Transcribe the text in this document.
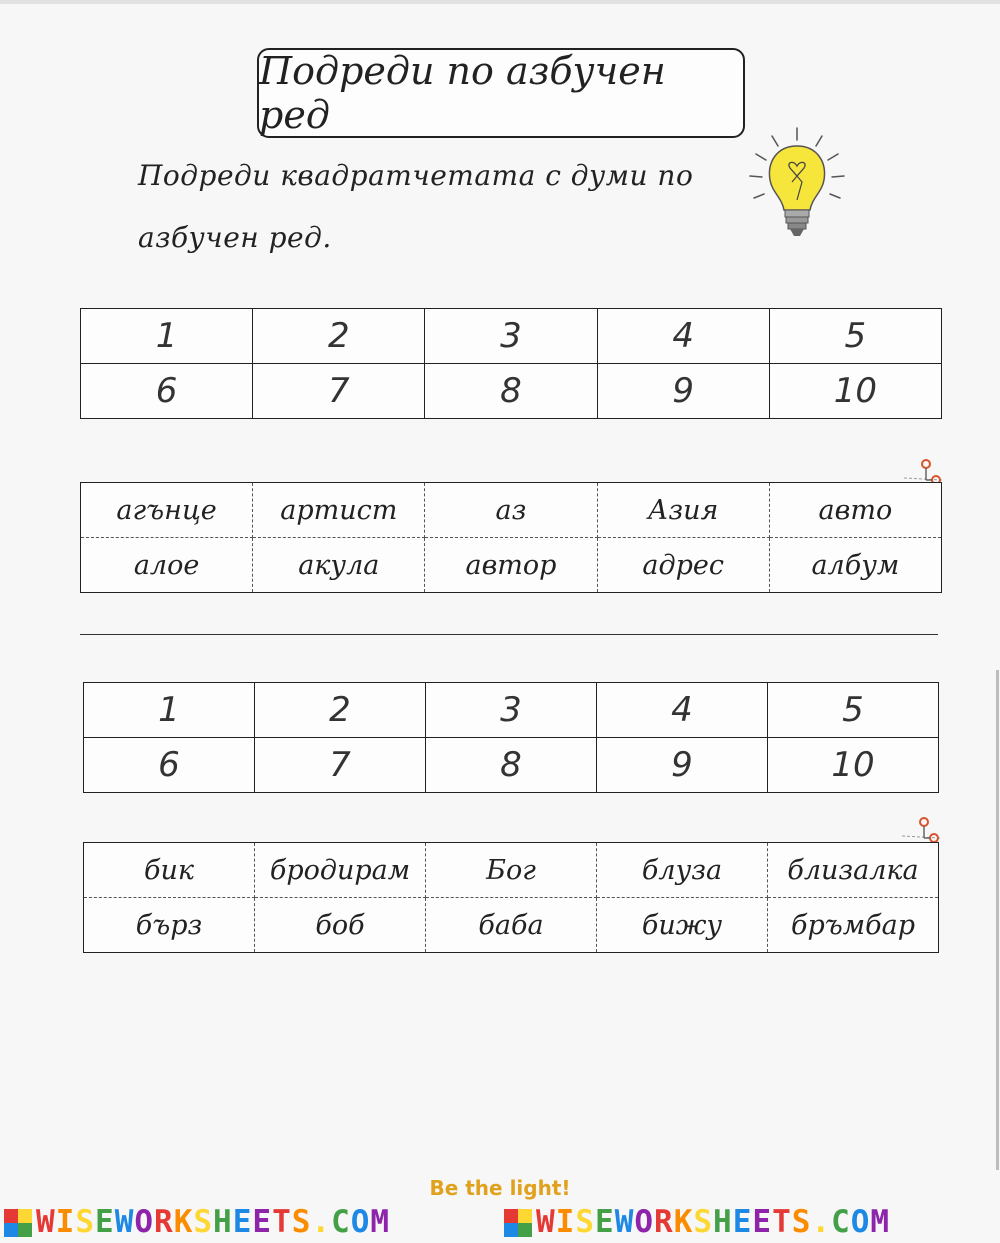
Подреди по азбучен ред
Подреди квадратчетата с думи по азбучен ред.
1	2	3	4	5
6	7	8	9	10
агънце	артист	аз	Азия	авто
алое	акула	автор	адрес	албум
1	2	3	4	5
6	7	8	9	10
бик	бродирам	Бог	блуза	близалка
бърз	боб	баба	бижу	бръмбар
Be the light!
WISEWORKSHEETS.COM	WISEWORKSHEETS.COM
